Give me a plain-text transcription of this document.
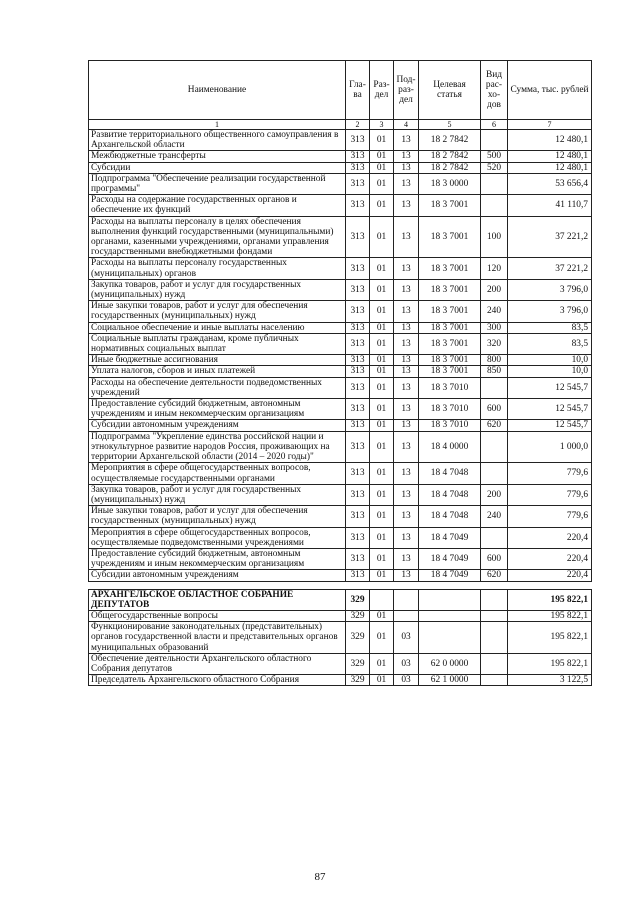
Наименование	Гла-ва	Раз-дел	Под-раз-дел	Целевая статья	Вид рас-хо-дов	Сумма, тыс. рублей
1	2	3	4	5	6	7
Развитие территориального общественного самоуправления в Архангельской области	313	01	13	18 2 7842		12 480,1
Межбюджетные трансферты	313	01	13	18 2 7842	500	12 480,1
Субсидии	313	01	13	18 2 7842	520	12 480,1
Подпрограмма "Обеспечение реализации государственной программы"	313	01	13	18 3 0000		53 656,4
Расходы на содержание государственных органов и обеспечение их функций	313	01	13	18 3 7001		41 110,7
Расходы на выплаты персоналу в целях обеспечения выполнения функций государственными (муниципальными) органами, казенными учреждениями, органами управления государственными внебюджетными фондами	313	01	13	18 3 7001	100	37 221,2
Расходы на выплаты персоналу государственных (муниципальных) органов	313	01	13	18 3 7001	120	37 221,2
Закупка товаров, работ и услуг для государственных (муниципальных) нужд	313	01	13	18 3 7001	200	3 796,0
Иные закупки товаров, работ и услуг для обеспечения государственных (муниципальных) нужд	313	01	13	18 3 7001	240	3 796,0
Социальное обеспечение и иные выплаты населению	313	01	13	18 3 7001	300	83,5
Социальные выплаты гражданам, кроме публичных нормативных социальных выплат	313	01	13	18 3 7001	320	83,5
Иные бюджетные ассигнования	313	01	13	18 3 7001	800	10,0
Уплата налогов, сборов и иных платежей	313	01	13	18 3 7001	850	10,0
Расходы на обеспечение деятельности подведомственных учреждений	313	01	13	18 3 7010		12 545,7
Предоставление субсидий бюджетным, автономным учреждениям и иным некоммерческим организациям	313	01	13	18 3 7010	600	12 545,7
Субсидии автономным учреждениям	313	01	13	18 3 7010	620	12 545,7
Подпрограмма "Укрепление единства российской нации и этнокультурное развитие народов Россия, проживающих на территории Архангельской области (2014 – 2020 годы)"	313	01	13	18 4 0000		1 000,0
Мероприятия в сфере общегосударственных вопросов, осуществляемые государственными органами	313	01	13	18 4 7048		779,6
Закупка товаров, работ и услуг для государственных (муниципальных) нужд	313	01	13	18 4 7048	200	779,6
Иные закупки товаров, работ и услуг для обеспечения государственных (муниципальных) нужд	313	01	13	18 4 7048	240	779,6
Мероприятия в сфере общегосударственных вопросов, осуществляемые подведомственными учреждениями	313	01	13	18 4 7049		220,4
Предоставление субсидий бюджетным, автономным учреждениям и иным некоммерческим организациям	313	01	13	18 4 7049	600	220,4
Субсидии автономным учреждениям	313	01	13	18 4 7049	620	220,4

АРХАНГЕЛЬСКОЕ ОБЛАСТНОЕ СОБРАНИЕ ДЕПУТАТОВ	329					195 822,1
Общегосударственные вопросы	329	01				195 822,1
Функционирование законодательных (представительных) органов государственной власти и представительных органов муниципальных образований	329	01	03			195 822,1
Обеспечение деятельности Архангельского областного Собрания депутатов	329	01	03	62 0 0000		195 822,1
Председатель Архангельского областного Собрания	329	01	03	62 1 0000		3 122,5
87
